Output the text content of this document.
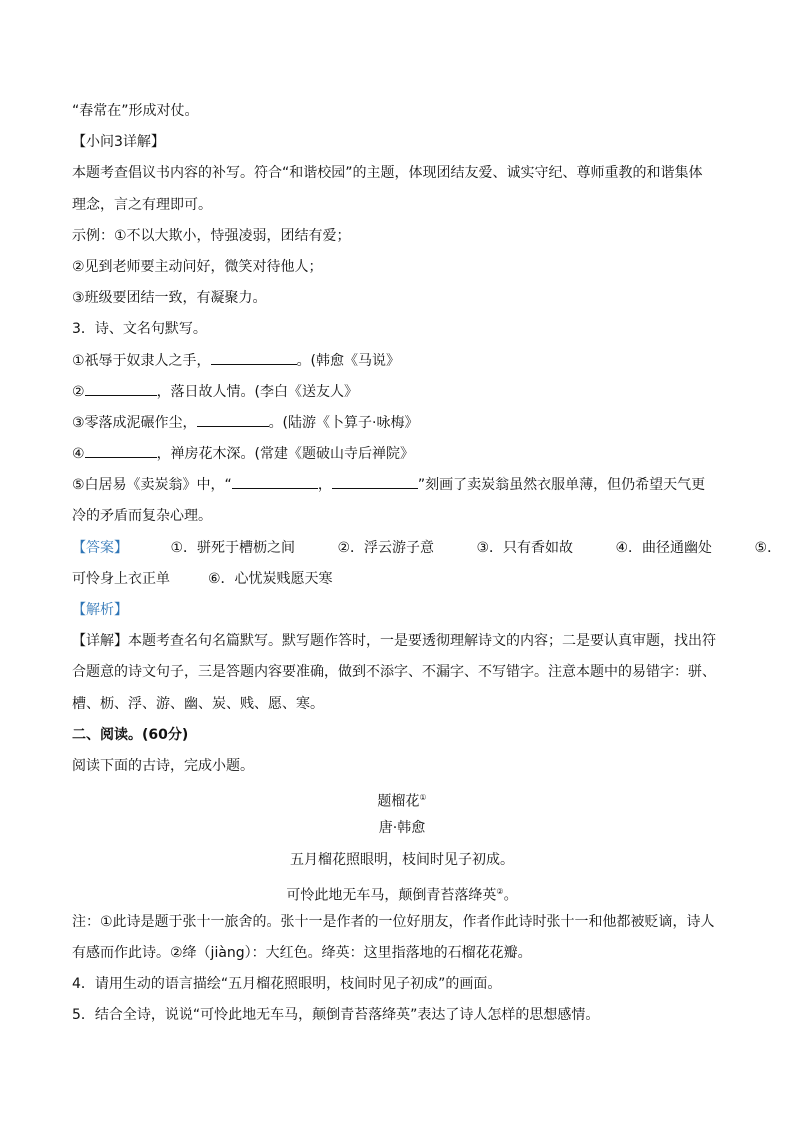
“春常在”形成对仗。
【小问3详解】
本题考查倡议书内容的补写。符合“和谐校园”的主题，体现团结友爱、诚实守纪、尊师重教的和谐集体
理念，言之有理即可。
示例：①不以大欺小，恃强凌弱，团结有爱；
②见到老师要主动问好，微笑对待他人；
③班级要团结一致，有凝聚力。
3．诗、文名句默写。
①祇辱于奴隶人之手，	。(韩愈《马说》
②	，落日故人情。(李白《送友人》
③零落成泥碾作尘，	。(陆游《卜算子·咏梅》
④	，禅房花木深。(常建《题破山寺后禅院》
⑤白居易《卖炭翁》中，“	，	”刻画了卖炭翁虽然衣服单薄，但仍希望天气更
冷的矛盾而复杂心理。
【答案】	①．骈死于槽枥之间	②．浮云游子意	③．只有香如故	④．曲径通幽处	⑤．
可怜身上衣正单	⑥．心忧炭贱愿天寒
【解析】
【详解】本题考查名句名篇默写。默写题作答时，一是要透彻理解诗文的内容；二是要认真审题，找出符
合题意的诗文句子，三是答题内容要准确，做到不添字、不漏字、不写错字。注意本题中的易错字：骈、
槽、枥、浮、游、幽、炭、贱、愿、寒。
二、阅读。(60分)
阅读下面的古诗，完成小题。
题榴花①
唐·韩愈
五月榴花照眼明，枝间时见子初成。
可怜此地无车马，颠倒青苔落绛英②。
注：①此诗是题于张十一旅舍的。张十一是作者的一位好朋友，作者作此诗时张十一和他都被贬谪，诗人
有感而作此诗。②绛（jiàng）：大红色。绛英：这里指落地的石榴花花瓣。
4．请用生动的语言描绘“五月榴花照眼明，枝间时见子初成”的画面。
5．结合全诗，说说“可怜此地无车马，颠倒青苔落绛英”表达了诗人怎样的思想感情。
